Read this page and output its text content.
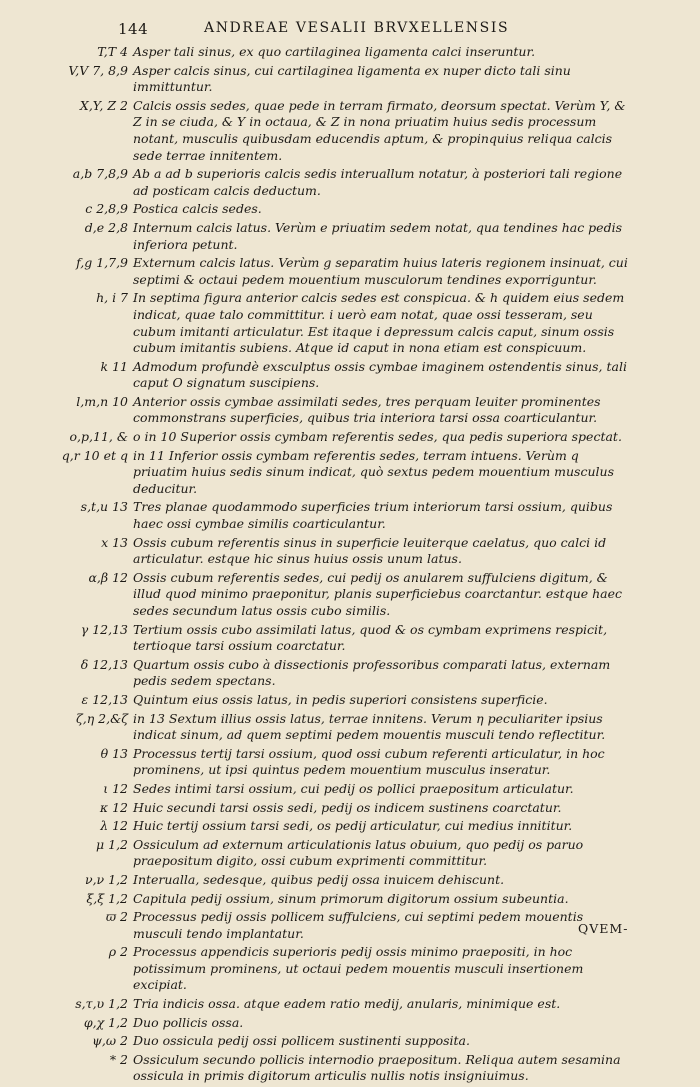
144	ANDREAE VESALII BRVXELLENSIS
T,T 4 Asper tali sinus, ex quo cartilaginea ligamenta calci inseruntur.
V,V 7, 8,9 Asper calcis sinus, cui cartilaginea ligamenta ex nuper dicto tali sinu immittuntur.
X,Y, Z 2 Calcis ossis sedes, quae pede in terram firmato, deorsum spectat. Verùm Y, & Z in se ciuda, & Y in octaua, & Z in nona priuatim huius sedis processum notant, musculis quibusdam educendis aptum, & propinquius reliqua calcis sede terrae innitentem.
a,b 7,8,9 Ab a ad b superioris calcis sedis interuallum notatur, à posteriori tali regione ad posticam calcis deductum.
c 2,8,9 Postica calcis sedes.
d,e 2,8 Internum calcis latus. Verùm e priuatim sedem notat, qua tendines hac pedis inferiora petunt.
f,g 1,7,9 Externum calcis latus. Verùm g separatim huius lateris regionem insinuat, cui septimi & octaui pedem mouentium musculorum tendines exporriguntur.
h, i 7 In septima figura anterior calcis sedes est conspicua. & h quidem eius sedem indicat, quae talo committitur. i uerò eam notat, quae ossi tesseram, seu cubum imitanti articulatur. Est itaque i depressum calcis caput, sinum ossis cubum imitantis subiens. Atque id caput in nona etiam est conspicuum.
k 11 Admodum profundè exsculptus ossis cymbae imaginem ostendentis sinus, tali caput O signatum suscipiens.
l,m,n 10 Anterior ossis cymbae assimilati sedes, tres perquam leuiter prominentes commonstrans superficies, quibus tria interiora tarsi ossa coarticulantur.
o,p,11, & o in 10 Superior ossis cymbam referentis sedes, qua pedis superiora spectat.
q,r 10 et q in 11 Inferior ossis cymbam referentis sedes, terram intuens. Verùm q priuatim huius sedis sinum indicat, quò sextus pedem mouentium musculus deducitur.
s,t,u 13 Tres planae quodammodo superficies trium interiorum tarsi ossium, quibus haec ossi cymbae similis coarticulantur.
x 13 Ossis cubum referentis sinus in superficie leuiterque caelatus, quo calci id articulatur. estque hic sinus huius ossis unum latus.
α,β 12 Ossis cubum referentis sedes, cui pedij os anularem suffulciens digitum, & illud quod minimo praeponitur, planis superficiebus coarctantur. estque haec sedes secundum latus ossis cubo similis.
γ 12,13 Tertium ossis cubo assimilati latus, quod & os cymbam exprimens respicit, tertioque tarsi ossium coarctatur.
δ 12,13 Quartum ossis cubo à dissectionis professoribus comparati latus, externam pedis sedem spectans.
ε 12,13 Quintum eius ossis latus, in pedis superiori consistens superficie.
ζ,η 2,&ζ in 13 Sextum illius ossis latus, terrae innitens. Verum η peculiariter ipsius indicat sinum, ad quem septimi pedem mouentis musculi tendo reflectitur.
θ 13 Processus tertij tarsi ossium, quod ossi cubum referenti articulatur, in hoc prominens, ut ipsi quintus pedem mouentium musculus inseratur.
ι 12 Sedes intimi tarsi ossium, cui pedij os pollici praepositum articulatur.
κ 12 Huic secundi tarsi ossis sedi, pedij os indicem sustinens coarctatur.
λ 12 Huic tertij ossium tarsi sedi, os pedij articulatur, cui medius innititur.
μ 1,2 Ossiculum ad externum articulationis latus obuium, quo pedij os paruo praepositum digito, ossi cubum exprimenti committitur.
ν,ν 1,2 Interualla, sedesque, quibus pedij ossa inuicem dehiscunt.
ξ,ξ 1,2 Capitula pedij ossium, sinum primorum digitorum ossium subeuntia.
ϖ 2 Processus pedij ossis pollicem suffulciens, cui septimi pedem mouentis musculi tendo implantatur.
ρ 2 Processus appendicis superioris pedij ossis minimo praepositi, in hoc potissimum prominens, ut octaui pedem mouentis musculi insertionem excipiat.
s,τ,υ 1,2 Tria indicis ossa. atque eadem ratio medij, anularis, minimique est.
φ,χ 1,2 Duo pollicis ossa.
ψ,ω 2 Duo ossicula pedij ossi pollicem sustinenti supposita.
* 2 Ossiculum secundo pollicis internodio praepositum. Reliqua autem sesamina ossicula in primis digitorum articulis nullis notis insigniuimus.
QVEM-
